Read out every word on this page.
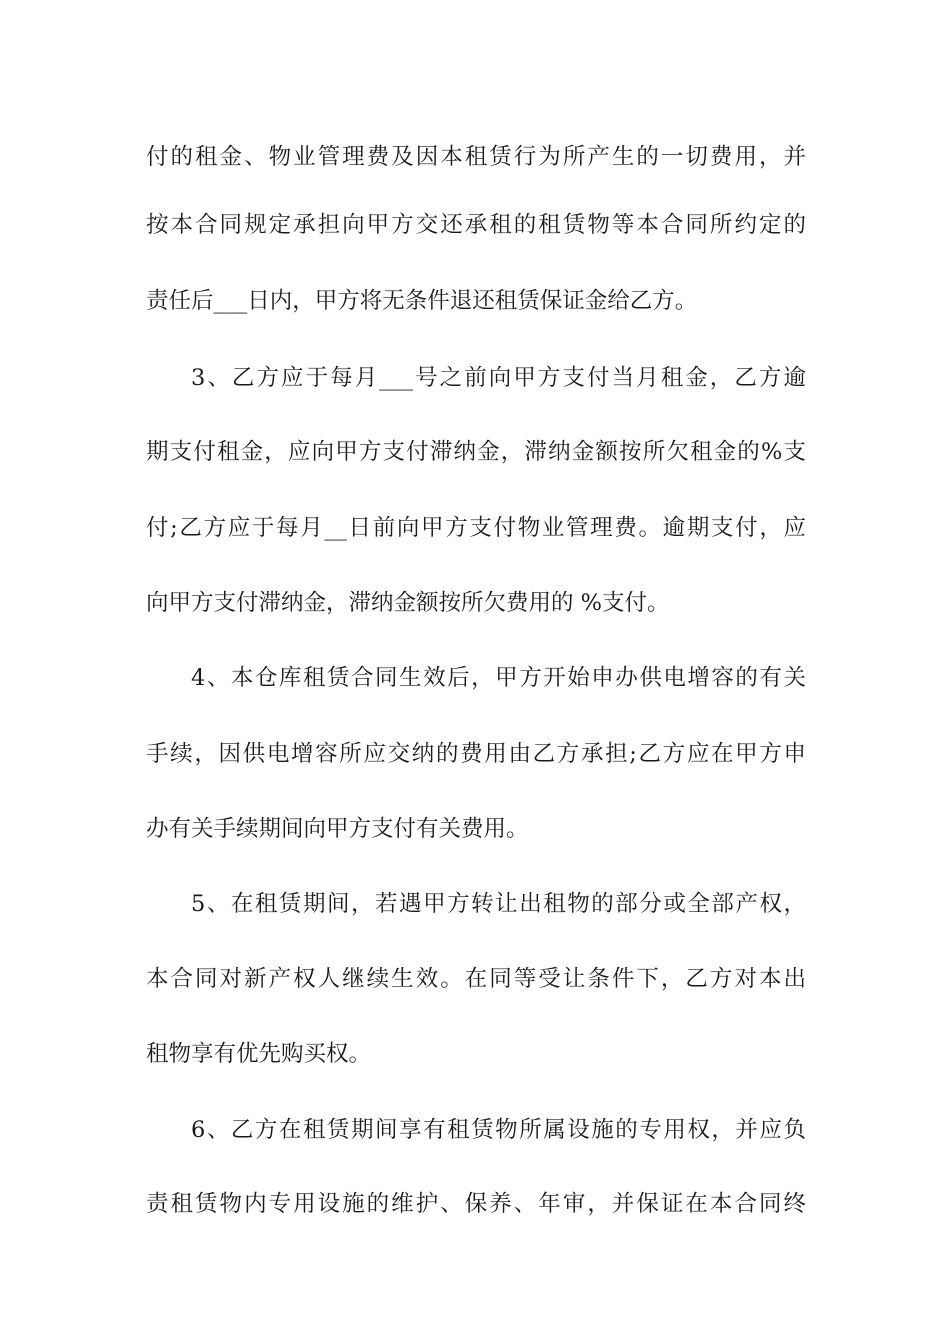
付的租金、物业管理费及因本租赁行为所产生的一切费用，并
按本合同规定承担向甲方交还承租的租赁物等本合同所约定的
责任后___日内，甲方将无条件退还租赁保证金给乙方。
3、乙方应于每月___号之前向甲方支付当月租金，乙方逾
期支付租金，应向甲方支付滞纳金，滞纳金额按所欠租金的%支
付;乙方应于每月__日前向甲方支付物业管理费。逾期支付，应
向甲方支付滞纳金，滞纳金额按所欠费用的 %支付。
4、本仓库租赁合同生效后，甲方开始申办供电增容的有关
手续，因供电增容所应交纳的费用由乙方承担;乙方应在甲方申
办有关手续期间向甲方支付有关费用。
5、在租赁期间，若遇甲方转让出租物的部分或全部产权，
本合同对新产权人继续生效。在同等受让条件下，乙方对本出
租物享有优先购买权。
6、乙方在租赁期间享有租赁物所属设施的专用权，并应负
责租赁物内专用设施的维护、保养、年审，并保证在本合同终
